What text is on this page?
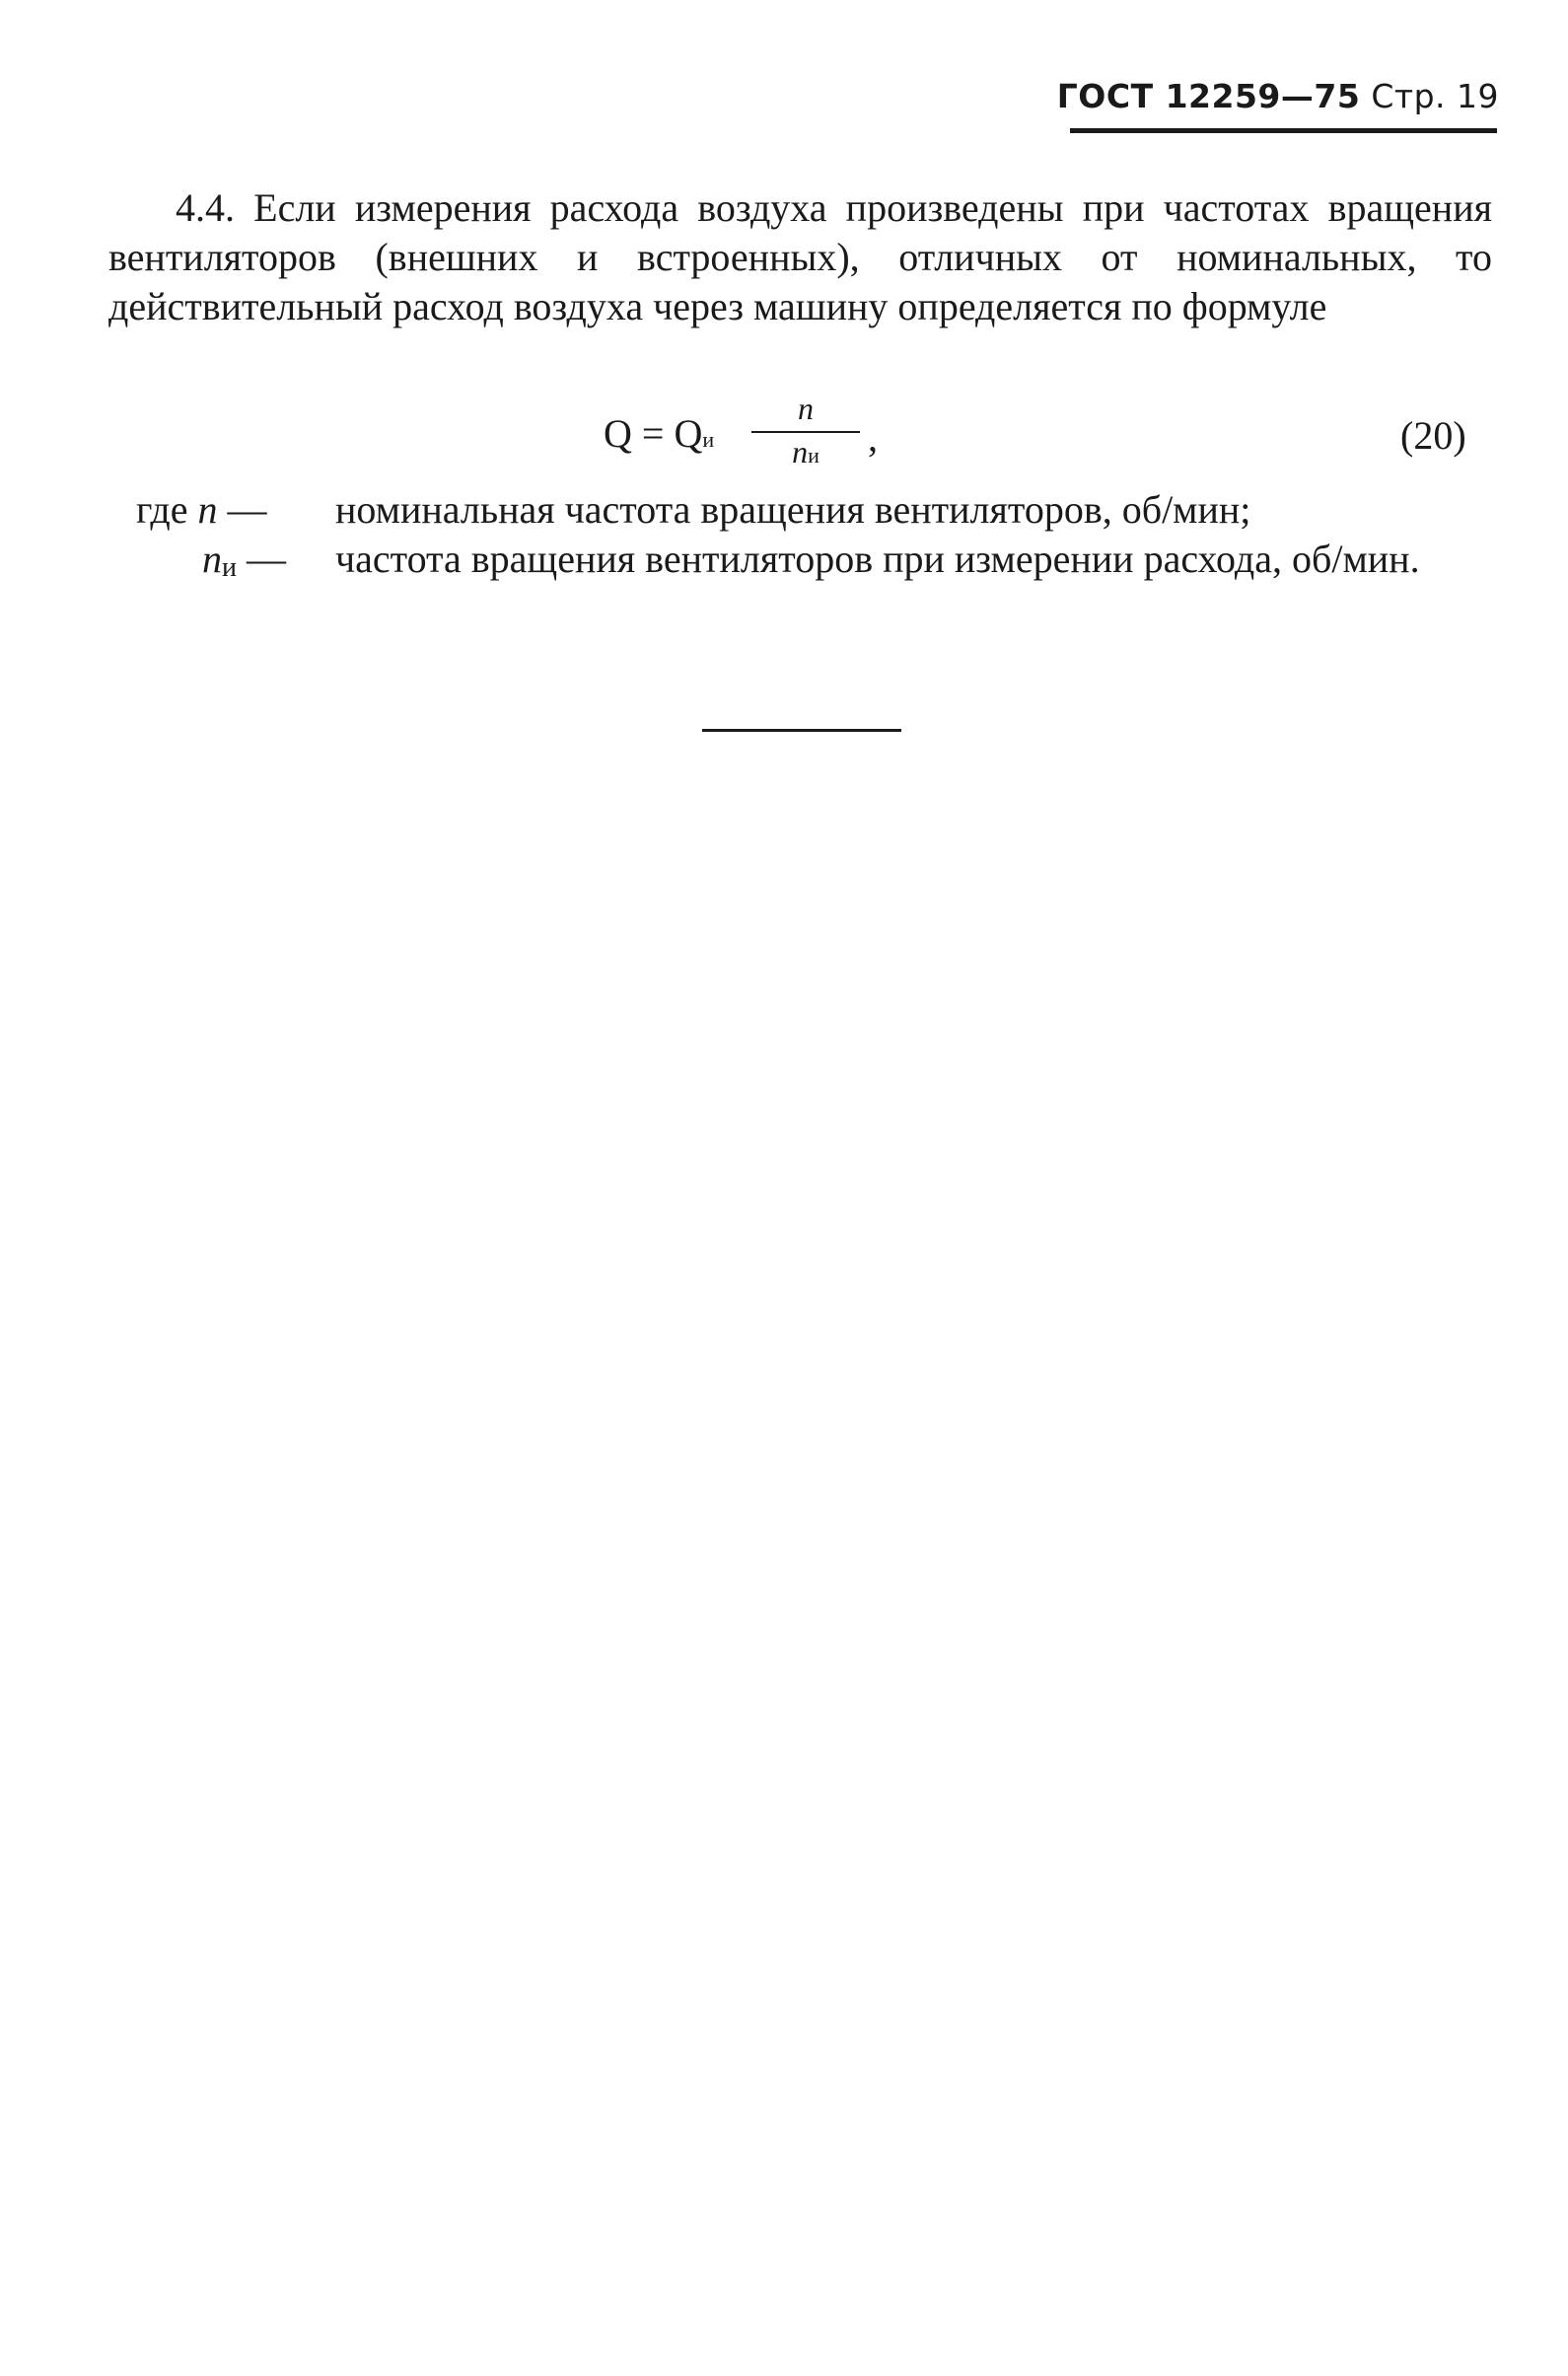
ГОСТ 12259—75 Стр. 19

4.4. Если измерения расхода воздуха произведены при частотах вращения вентиляторов (внешних и встроенных), отличных от номинальных, то действительный расход воздуха через машину определяется по формуле

Q = Qи
n
nи	,	(20)
где n — номинальная частота вращения вентиляторов, об/мин;

nи — частота вращения вентиляторов при измерении расхода, об/мин.
